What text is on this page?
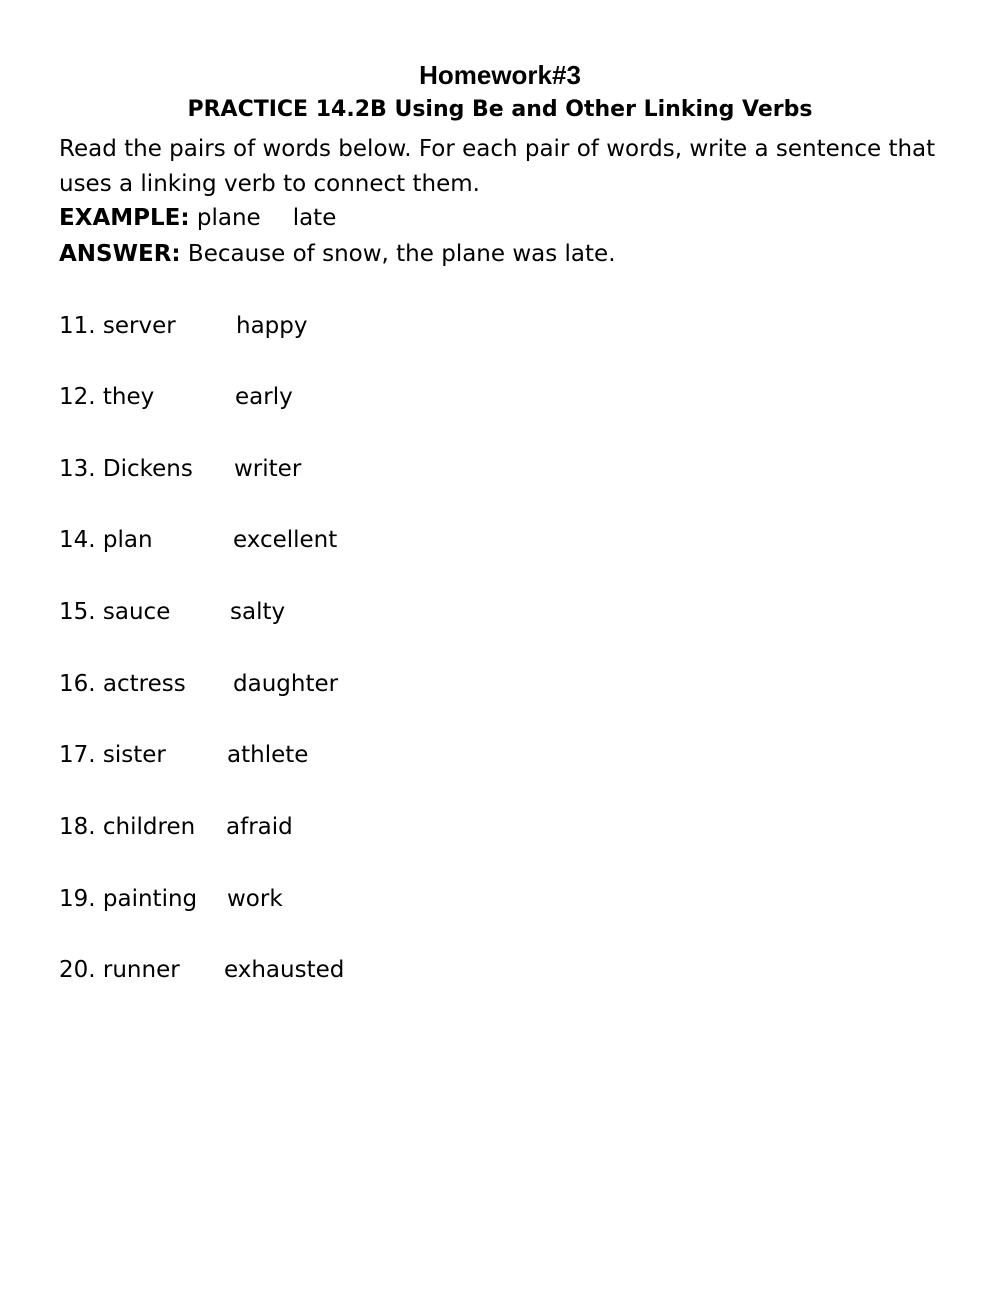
Homework#3
PRACTICE 14.2B Using Be and Other Linking Verbs

Read the pairs of words below. For each pair of words, write a sentence that uses a linking verb to connect them.

EXAMPLE: plane late
ANSWER: Because of snow, the plane was late.
11. server	happy
12. they	early
13. Dickens writer
14. plan	excellent
15. sauce	salty
16. actress daughter
17. sister	athlete
18. children afraid
19. painting work
20. runner exhausted
